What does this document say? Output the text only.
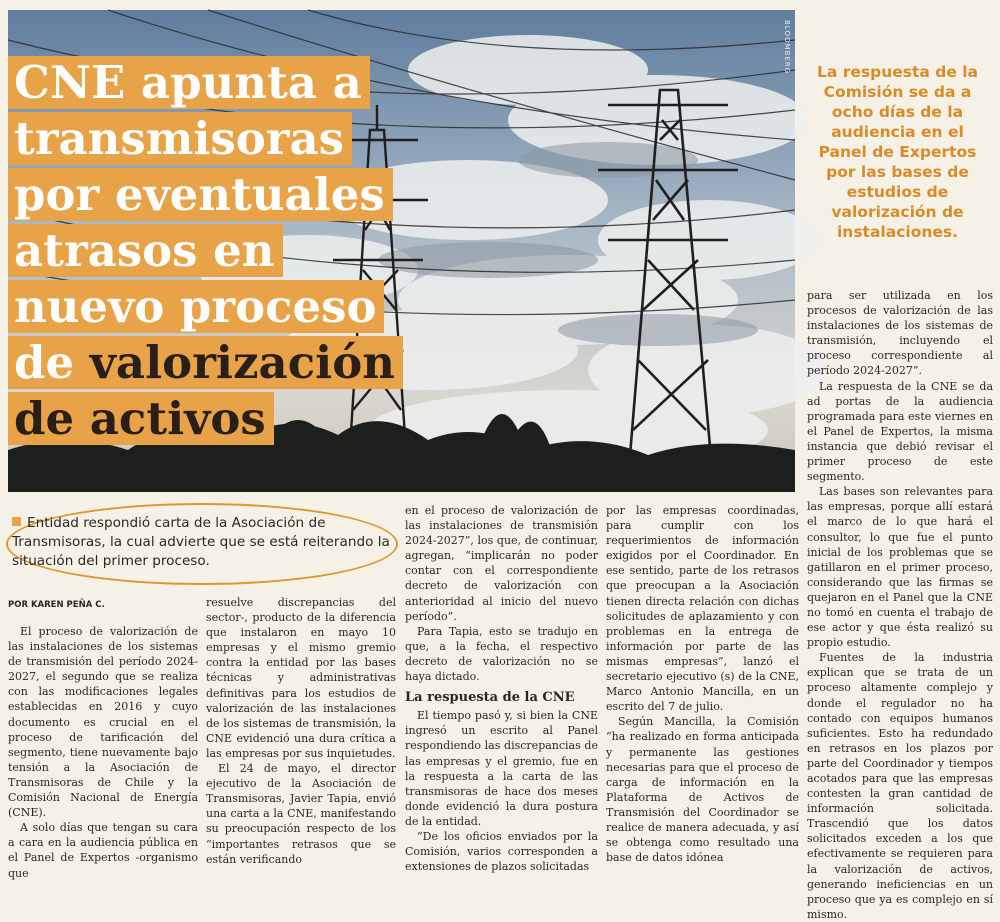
BLOOMBERG
CNE apunta a
transmisoras
por eventuales
atrasos en
nuevo proceso
de valorización
de activos
La respuesta de la Comisión se da a ocho días de la audiencia en el Panel de Expertos por las bases de estudios de valorización de instalaciones.
Entidad respondió carta de la Asociación de Transmisoras, la cual advierte que se está reiterando la situación del primer proceso.
POR KAREN PEÑA C.

El proceso de valorización de las instalaciones de los sistemas de transmisión del período 2024-2027, el segundo que se realiza con las modificaciones legales establecidas en 2016 y cuyo documento es crucial en el proceso de tarificación del segmento, tiene nuevamente bajo tensión a la Asociación de Transmisoras de Chile y la Comisión Nacional de Energía (CNE).

A solo días que tengan su cara a cara en la audiencia pública en el Panel de Expertos -organismo que

resuelve discrepancias del sector-, producto de la diferencia que instalaron en mayo 10 empresas y el mismo gremio contra la entidad por las bases técnicas y administrativas definitivas para los estudios de valorización de las instalaciones de los sistemas de transmisión, la CNE evidenció una dura crítica a las empresas por sus inquietudes.

El 24 de mayo, el director ejecutivo de la Asociación de Transmisoras, Javier Tapia, envió una carta a la CNE, manifestando su preocupación respecto de los “importantes retrasos que se están verificando

en el proceso de valorización de las instalaciones de transmisión 2024-2027”, los que, de continuar, agregan, “implicarán no poder contar con el correspondiente decreto de valorización con anterioridad al inicio del nuevo período”.

Para Tapia, esto se tradujo en que, a la fecha, el respectivo decreto de valorización no se haya dictado.

La respuesta de la CNE

El tiempo pasó y, si bien la CNE ingresó un escrito al Panel respondiendo las discrepancias de las empresas y el gremio, fue en la respuesta a la carta de las transmisoras de hace dos meses donde evidenció la dura postura de la entidad.

“De los oficios enviados por la Comisión, varios corresponden a extensiones de plazos solicitadas

por las empresas coordinadas, para cumplir con los requerimientos de información exigidos por el Coordinador. En ese sentido, parte de los retrasos que preocupan a la Asociación tienen directa relación con dichas solicitudes de aplazamiento y con problemas en la entrega de información por parte de las mismas empresas”, lanzó el secretario ejecutivo (s) de la CNE, Marco Antonio Mancilla, en un escrito del 7 de julio.

Según Mancilla, la Comisión “ha realizado en forma anticipada y permanente las gestiones necesarias para que el proceso de carga de información en la Plataforma de Activos de Transmisión del Coordinador se realice de manera adecuada, y así se obtenga como resultado una base de datos idónea

para ser utilizada en los procesos de valorización de las instalaciones de los sistemas de transmisión, incluyendo el proceso correspondiente al período 2024-2027”.

La respuesta de la CNE se da ad portas de la audiencia programada para este viernes en el Panel de Expertos, la misma instancia que debió revisar el primer proceso de este segmento.

Las bases son relevantes para las empresas, porque allí estará el marco de lo que hará el consultor, lo que fue el punto inicial de los problemas que se gatillaron en el primer proceso, considerando que las firmas se quejaron en el Panel que la CNE no tomó en cuenta el trabajo de ese actor y que ésta realizó su propio estudio.

Fuentes de la industria explican que se trata de un proceso altamente complejo y donde el regulador no ha contado con equipos humanos suficientes. Esto ha redundado en retrasos en los plazos por parte del Coordinador y tiempos acotados para que las empresas contesten la gran cantidad de información solicitada. Trascendió que los datos solicitados exceden a los que efectivamente se requieren para la valorización de activos, generando ineficiencias en un proceso que ya es complejo en sí mismo.
